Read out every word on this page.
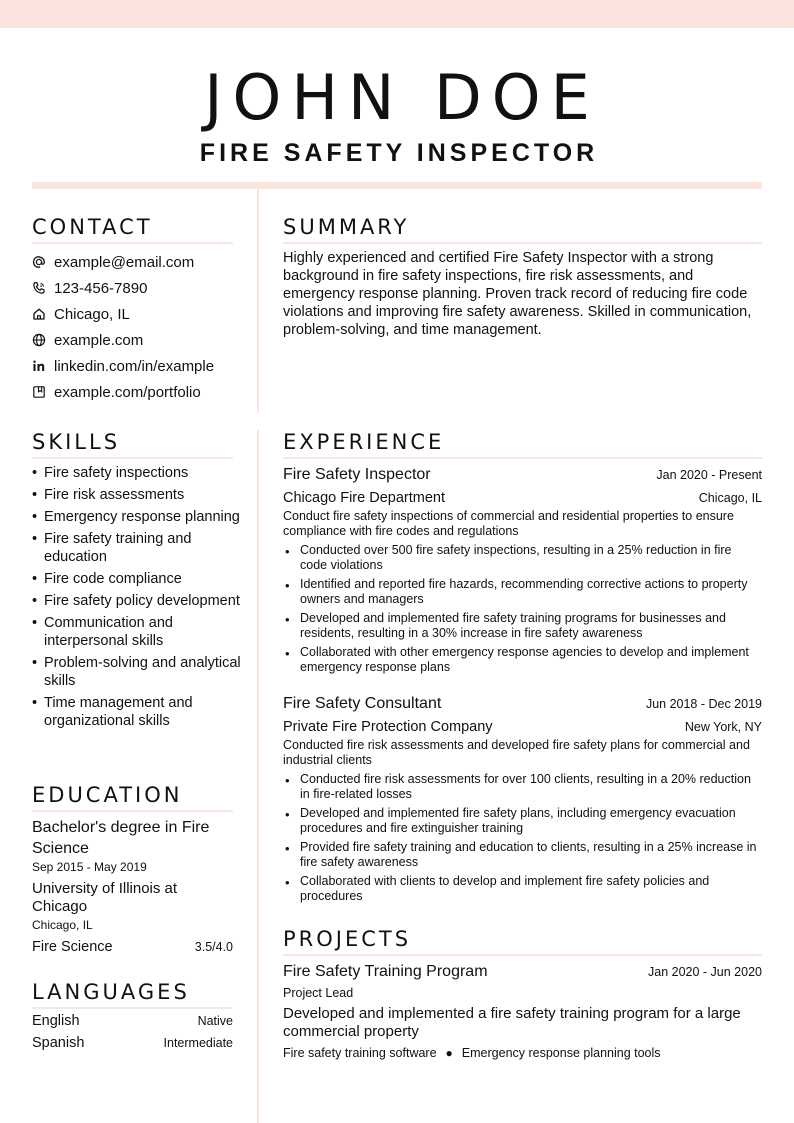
JOHN DOE
FIRE SAFETY INSPECTOR
CONTACT
example@email.com
123-456-7890
Chicago, IL
example.com
linkedin.com/in/example
example.com/portfolio
SUMMARY
Highly experienced and certified Fire Safety Inspector with a strong background in fire safety inspections, fire risk assessments, and emergency response planning. Proven track record of reducing fire code violations and improving fire safety awareness. Skilled in communication, problem-solving, and time management.
SKILLS
• Fire safety inspections
• Fire risk assessments
• Emergency response planning
• Fire safety training and education
• Fire code compliance
• Fire safety policy development
• Communication and interpersonal skills
• Problem-solving and analytical skills
• Time management and organizational skills
EDUCATION
Bachelor's degree in Fire Science
Sep 2015 - May 2019
University of Illinois at Chicago
Chicago, IL
Fire Science	3.5/4.0
LANGUAGES
English	Native
Spanish	Intermediate
EXPERIENCE
Fire Safety Inspector	Jan 2020 - Present
Chicago Fire Department	Chicago, IL
Conduct fire safety inspections of commercial and residential properties to ensure compliance with fire codes and regulations
• Conducted over 500 fire safety inspections, resulting in a 25% reduction in fire code violations
• Identified and reported fire hazards, recommending corrective actions to property owners and managers
• Developed and implemented fire safety training programs for businesses and residents, resulting in a 30% increase in fire safety awareness
• Collaborated with other emergency response agencies to develop and implement emergency response plans
Fire Safety Consultant	Jun 2018 - Dec 2019
Private Fire Protection Company	New York, NY
Conducted fire risk assessments and developed fire safety plans for commercial and industrial clients
• Conducted fire risk assessments for over 100 clients, resulting in a 20% reduction in fire-related losses
• Developed and implemented fire safety plans, including emergency evacuation procedures and fire extinguisher training
• Provided fire safety training and education to clients, resulting in a 25% increase in fire safety awareness
• Collaborated with clients to develop and implement fire safety policies and procedures
PROJECTS
Fire Safety Training Program	Jan 2020 - Jun 2020
Project Lead
Developed and implemented a fire safety training program for a large commercial property
Fire safety training software ● Emergency response planning tools
